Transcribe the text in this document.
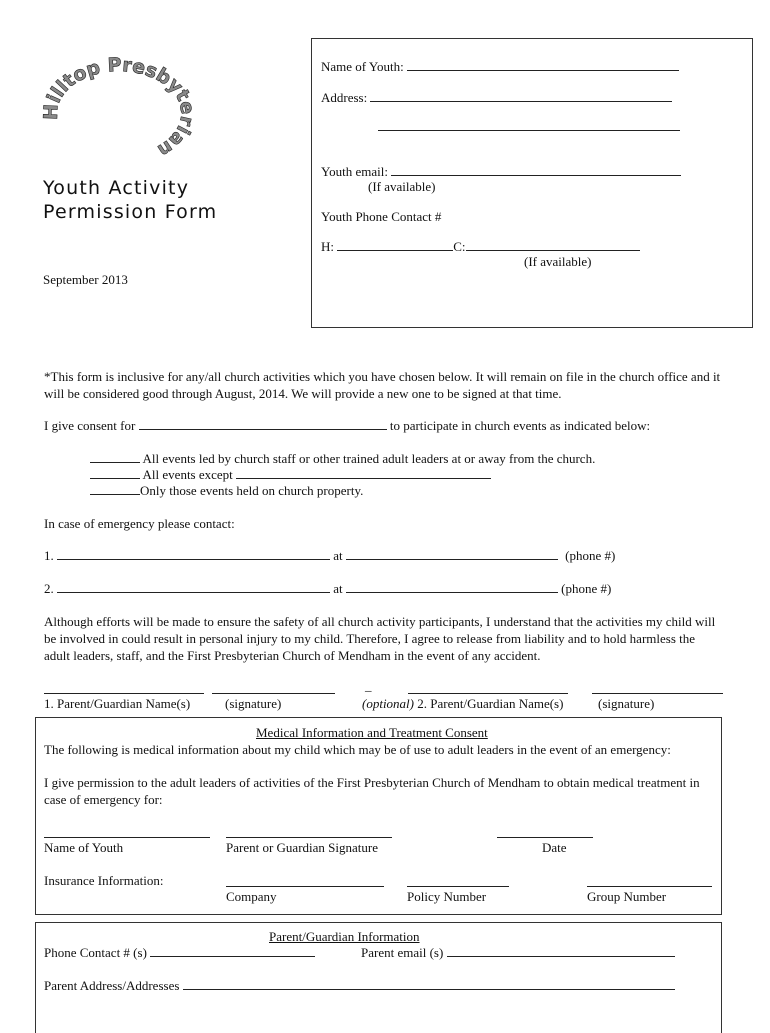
Hilltop Presbyterian
Youth Activity
Permission Form
September 2013
Name of Youth:
Address:
Youth email:
(If available)
Youth Phone Contact #
H:	C:
(If available)
*This form is inclusive for any/all church activities which you have chosen below. It will remain on file in the church office and it will be considered good through August, 2014. We will provide a new one to be signed at that time.
I give consent for	to participate in church events as indicated below:
All events led by church staff or other trained adult leaders at or away from the church.
All events except
Only those events held on church property.
In case of emergency please contact:
1.	at	(phone #)
2.	at	(phone #)
Although efforts will be made to ensure the safety of all church activity participants, I understand that the activities my child will be involved in could result in personal injury to my child. Therefore, I agree to release from liability and to hold harmless the adult leaders, staff, and the First Presbyterian Church of Mendham in the event of any accident.
_
1. Parent/Guardian Name(s)	(signature)	(optional) 2. Parent/Guardian Name(s)	(signature)
Medical Information and Treatment Consent
The following is medical information about my child which may be of use to adult leaders in the event of an emergency:
I give permission to the adult leaders of activities of the First Presbyterian Church of Mendham to obtain medical treatment in case of emergency for:
Name of Youth	Parent or Guardian Signature	Date
Insurance Information:
Company	Policy Number	Group Number
Parent/Guardian Information
Phone Contact # (s)	Parent email (s)
Parent Address/Addresses
